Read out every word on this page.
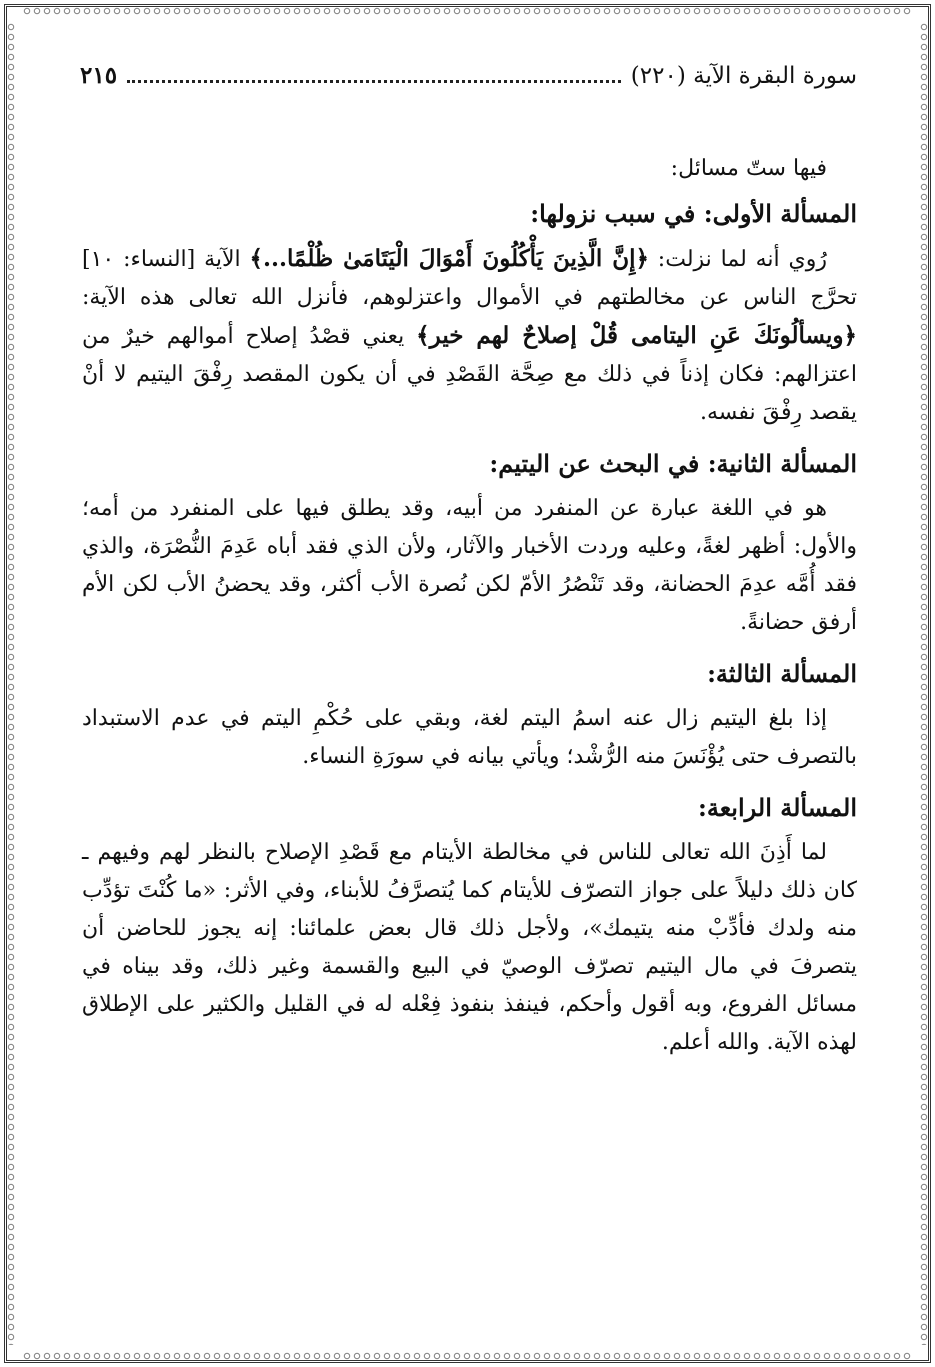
سورة البقرة الآية (٢٢٠)
٢١٥

فيها ستّ مسائل:

المسألة الأولى: في سبب نزولها:

رُوي أنه لما نزلت: ﴿إِنَّ الَّذِينَ يَأْكُلُونَ أَمْوَالَ الْيَتَامَىٰ ظُلْمًا...﴾ الآية [النساء: ١٠] تحرَّج الناس عن مخالطتهم في الأموال واعتزلوهم، فأنزل الله تعالى هذه الآية: ﴿ويسألُونَكَ عَنِ اليتامى قُلْ إصلاحٌ لهم خير﴾ يعني قصْدُ إصلاح أموالهم خيرٌ من اعتزالهم: فكان إذناً في ذلك مع صِحَّة القَصْدِ في أن يكون المقصد رِفْقَ اليتيم لا أنْ يقصد رِفْقَ نفسه.

المسألة الثانية: في البحث عن اليتيم:

هو في اللغة عبارة عن المنفرد من أبيه، وقد يطلق فيها على المنفرد من أمه؛ والأول: أظهر لغةً، وعليه وردت الأخبار والآثار، ولأن الذي فقد أباه عَدِمَ النُّصْرَة، والذي فقد أُمَّه عدِمَ الحضانة، وقد تَنْصُرُ الأمّ لكن نُصرة الأب أكثر، وقد يحضنُ الأب لكن الأم أرفق حضانةً.

المسألة الثالثة:

إذا بلغ اليتيم زال عنه اسمُ اليتم لغة، وبقي على حُكْمِ اليتم في عدم الاستبداد بالتصرف حتى يُؤْنَسَ منه الرُّشْد؛ ويأتي بيانه في سورَةِ النساء.

المسألة الرابعة:

لما أَذِنَ الله تعالى للناس في مخالطة الأيتام مع قَصْدِ الإصلاح بالنظر لهم وفيهم ـ كان ذلك دليلاً على جواز التصرّف للأيتام كما يُتصرَّفُ للأبناء، وفي الأثر: «ما كُنْتَ تؤدِّب منه ولدك فأدِّبْ منه يتيمك»، ولأجل ذلك قال بعض علمائنا: إنه يجوز للحاضن أن يتصرفَ في مال اليتيم تصرّف الوصيّ في البيع والقسمة وغير ذلك، وقد بيناه في مسائل الفروع، وبه أقول وأحكم، فينفذ بنفوذ فِعْله له في القليل والكثير على الإطلاق لهذه الآية. والله أعلم.
